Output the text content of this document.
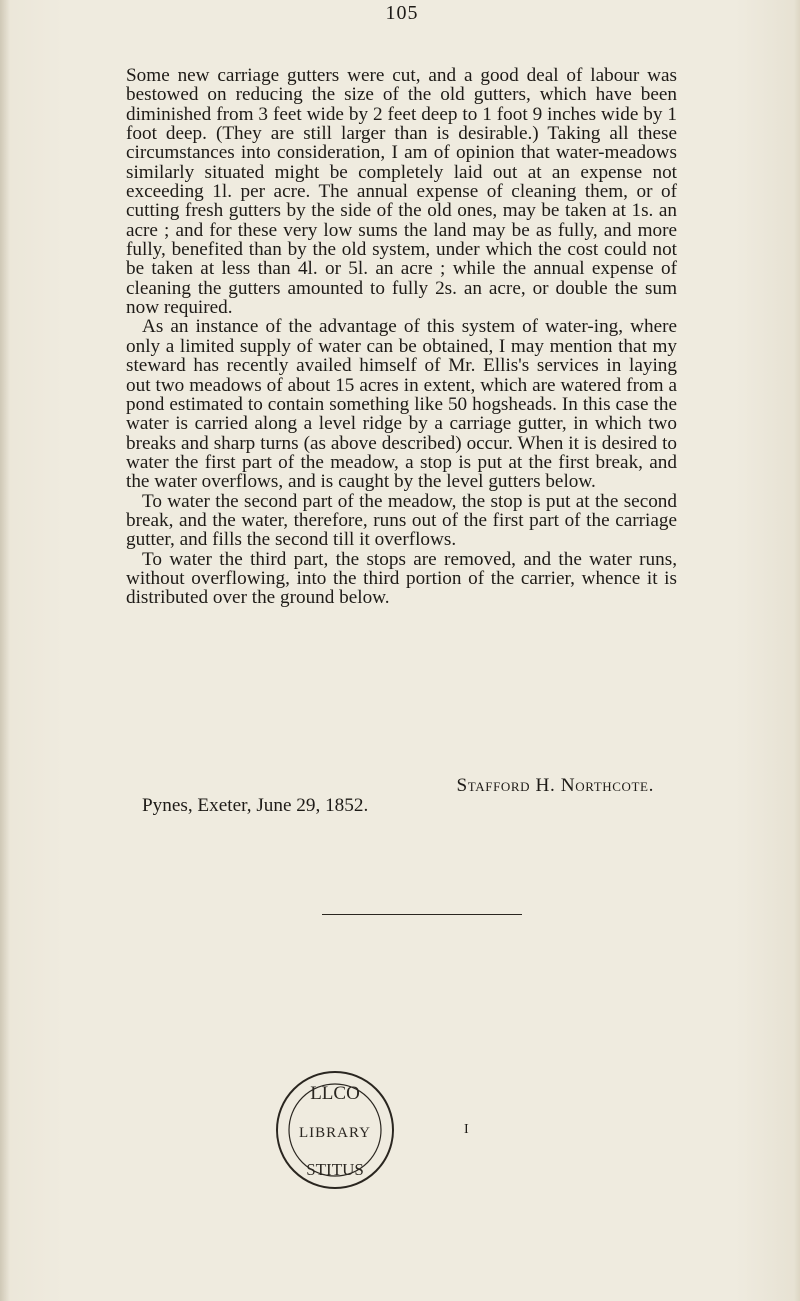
105

Some new carriage gutters were cut, and a good deal of labour was bestowed on reducing the size of the old gutters, which have been diminished from 3 feet wide by 2 feet deep to 1 foot 9 inches wide by 1 foot deep. (They are still larger than is desirable.) Taking all these circumstances into consideration, I am of opinion that water-meadows similarly situated might be completely laid out at an expense not exceeding 1l. per acre. The annual expense of cleaning them, or of cutting fresh gutters by the side of the old ones, may be taken at 1s. an acre ; and for these very low sums the land may be as fully, and more fully, benefited than by the old system, under which the cost could not be taken at less than 4l. or 5l. an acre ; while the annual expense of cleaning the gutters amounted to fully 2s. an acre, or double the sum now required.

As an instance of the advantage of this system of water-ing, where only a limited supply of water can be obtained, I may mention that my steward has recently availed himself of Mr. Ellis's services in laying out two meadows of about 15 acres in extent, which are watered from a pond estimated to contain something like 50 hogsheads. In this case the water is carried along a level ridge by a carriage gutter, in which two breaks and sharp turns (as above described) occur. When it is desired to water the first part of the meadow, a stop is put at the first break, and the water overflows, and is caught by the level gutters below.

To water the second part of the meadow, the stop is put at the second break, and the water, therefore, runs out of the first part of the carriage gutter, and fills the second till it overflows.

To water the third part, the stops are removed, and the water runs, without overflowing, into the third portion of the carrier, whence it is distributed over the ground below.

Stafford H. Northcote.
Pynes, Exeter, June 29, 1852.
LLCO
LIBRARY
STITUS
I
